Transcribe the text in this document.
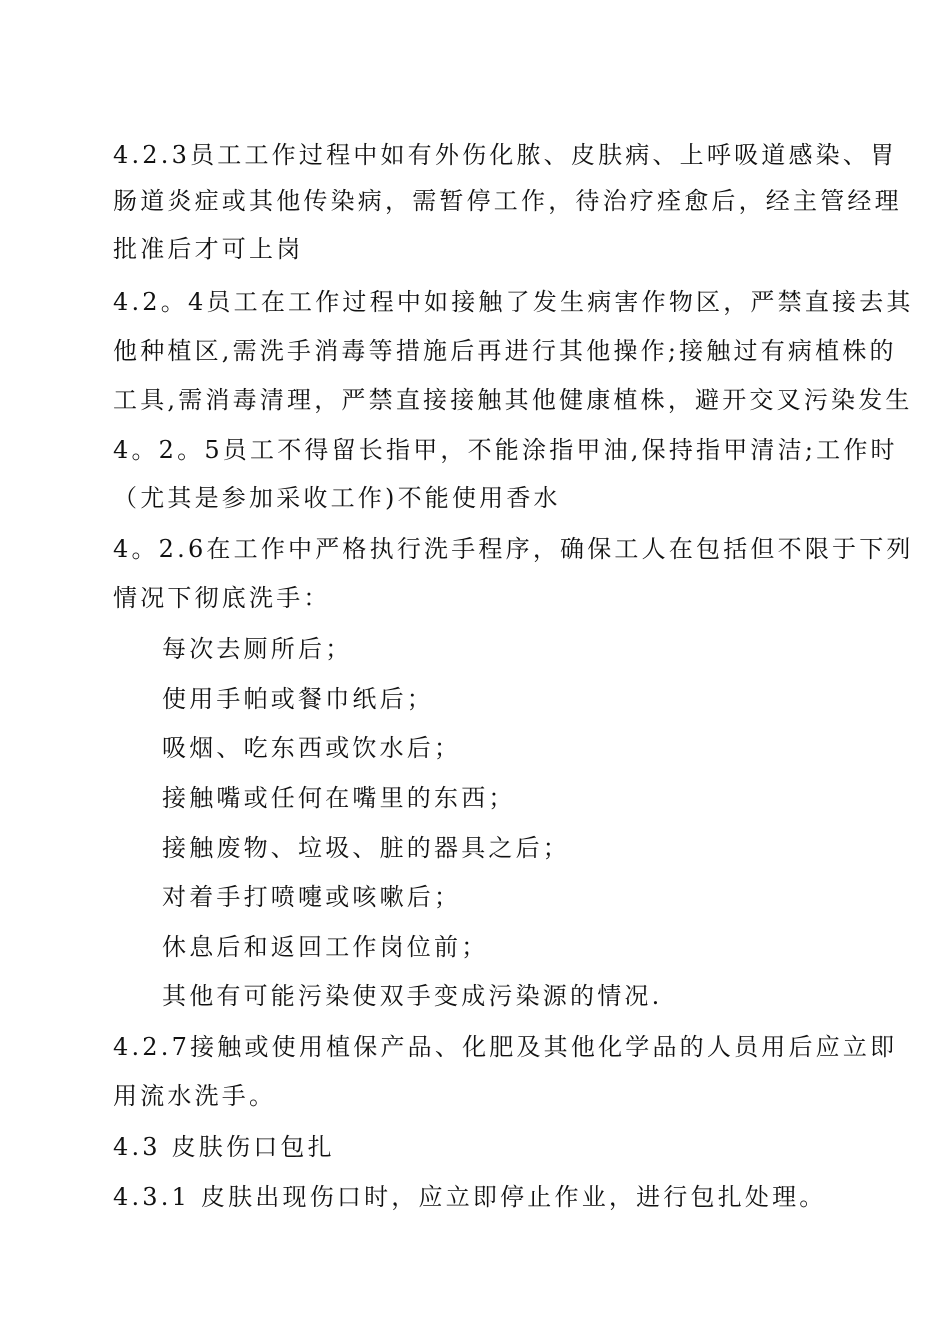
4.2.3员工工作过程中如有外伤化脓、皮肤病、上呼吸道感染、胃
肠道炎症或其他传染病，需暂停工作，待治疗痊愈后，经主管经理
批准后才可上岗
4.2。4员工在工作过程中如接触了发生病害作物区，严禁直接去其
他种植区,需洗手消毒等措施后再进行其他操作;接触过有病植株的
工具,需消毒清理，严禁直接接触其他健康植株，避开交叉污染发生
4。2。5员工不得留长指甲，不能涂指甲油,保持指甲清洁;工作时
（尤其是参加采收工作)不能使用香水
4。2.6在工作中严格执行洗手程序，确保工人在包括但不限于下列
情况下彻底洗手：
每次去厕所后；
使用手帕或餐巾纸后；
吸烟、吃东西或饮水后；
接触嘴或任何在嘴里的东西；
接触废物、垃圾、脏的器具之后；
对着手打喷嚏或咳嗽后；
休息后和返回工作岗位前；
其他有可能污染使双手变成污染源的情况.
4.2.7接触或使用植保产品、化肥及其他化学品的人员用后应立即
用流水洗手。
4.3 皮肤伤口包扎
4.3.1 皮肤出现伤口时，应立即停止作业，进行包扎处理。
